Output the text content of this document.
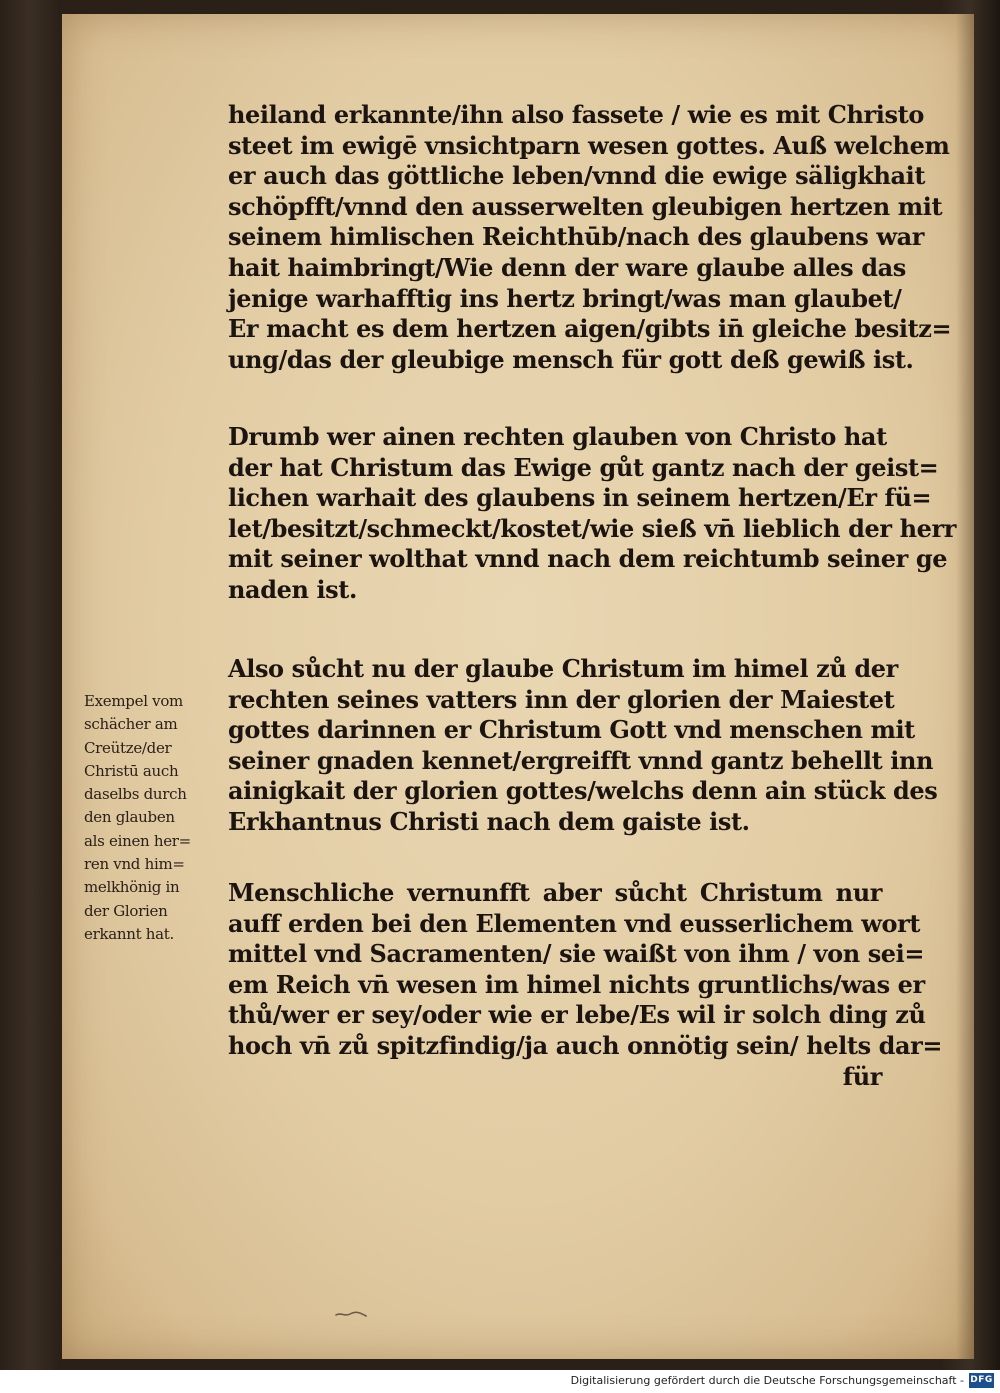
heiland erkannte/ihn also fassete / wie es mit Christo
steet im ewigē vnsichtparn wesen gottes. Auß welchem
er auch das göttliche leben/vnnd die ewige säligkhait
schöpfft/vnnd den ausserwelten gleubigen hertzen mit
seinem himlischen Reichthūb/nach des glaubens war
hait haimbringt/Wie denn der ware glaube alles das
jenige warhafftig ins hertz bringt/was man glaubet/
Er macht es dem hertzen aigen/gibts in̄ gleiche besitz=
ung/das der gleubige mensch für gott deß gewiß ist.
Drumb wer ainen rechten glauben von Christo hat
der hat Christum das Ewige gůt gantz nach der geist=
lichen warhait des glaubens in seinem hertzen/Er fü=
let/besitzt/schmeckt/kostet/wie sieß vn̄ lieblich der herr
mit seiner wolthat vnnd nach dem reichtumb seiner ge
naden ist.
Also sůcht nu der glaube Christum im himel zů der
rechten seines vatters inn der glorien der Maiestet
gottes darinnen er Christum Gott vnd menschen mit
seiner gnaden kennet/ergreifft vnnd gantz behellt inn
ainigkait der glorien gottes/welchs denn ain stück des
Erkhantnus Christi nach dem gaiste ist.
Menschliche vernunfft aber sůcht Christum nur
auff erden bei den Elementen vnd eusserlichem wort
mittel vnd Sacramenten/ sie waißt von ihm / von sei=
em Reich vn̄ wesen im himel nichts gruntlichs/was er
thů/wer er sey/oder wie er lebe/Es wil ir solch ding zů
hoch vn̄ zů spitzfindig/ja auch onnötig sein/ helts dar=
für
Exempel vom
schächer am
Creütze/der
Christū auch
daselbs durch
den glauben
als einen her=
ren vnd him=
melkhönig in
der Glorien
erkannt hat.
Digitalisierung gefördert durch die Deutsche Forschungsgemeinschaft - DFG
